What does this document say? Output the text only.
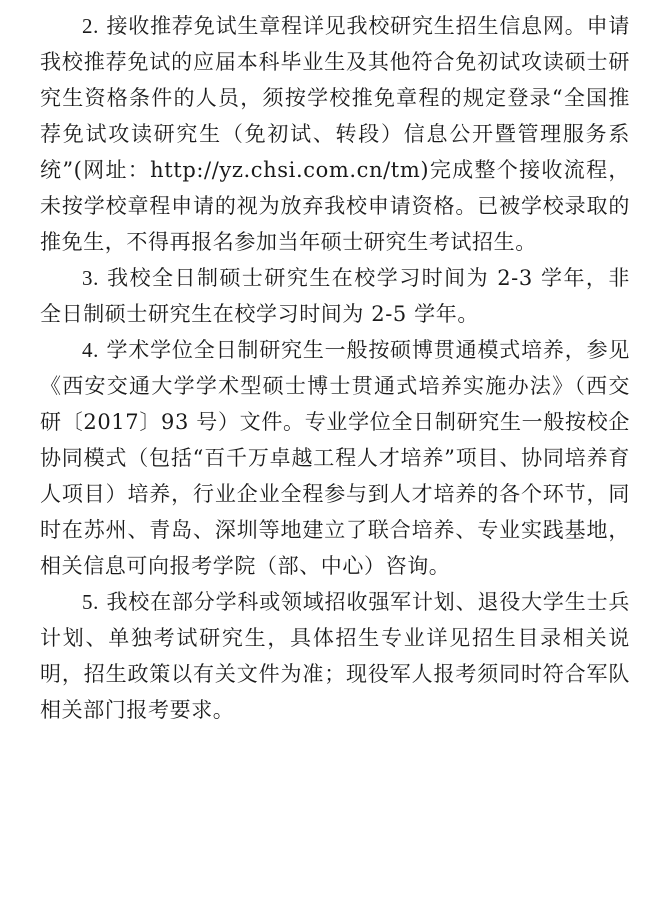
2. 接收推荐免试生章程详见我校研究生招生信息网。申请我校推荐免试的应届本科毕业生及其他符合免初试攻读硕士研究生资格条件的人员，须按学校推免章程的规定登录“全国推荐免试攻读研究生（免初试、转段）信息公开暨管理服务系统”(网址：http://yz.chsi.com.cn/tm)完成整个接收流程，未按学校章程申请的视为放弃我校申请资格。已被学校录取的推免生，不得再报名参加当年硕士研究生考试招生。

3. 我校全日制硕士研究生在校学习时间为 2-3 学年，非全日制硕士研究生在校学习时间为 2-5 学年。

4. 学术学位全日制研究生一般按硕博贯通模式培养，参见《西安交通大学学术型硕士博士贯通式培养实施办法》（西交研〔2017〕93 号）文件。专业学位全日制研究生一般按校企协同模式（包括“百千万卓越工程人才培养”项目、协同培养育人项目）培养，行业企业全程参与到人才培养的各个环节，同时在苏州、青岛、深圳等地建立了联合培养、专业实践基地，相关信息可向报考学院（部、中心）咨询。

5. 我校在部分学科或领域招收强军计划、退役大学生士兵计划、单独考试研究生，具体招生专业详见招生目录相关说明，招生政策以有关文件为准；现役军人报考须同时符合军队相关部门报考要求。
